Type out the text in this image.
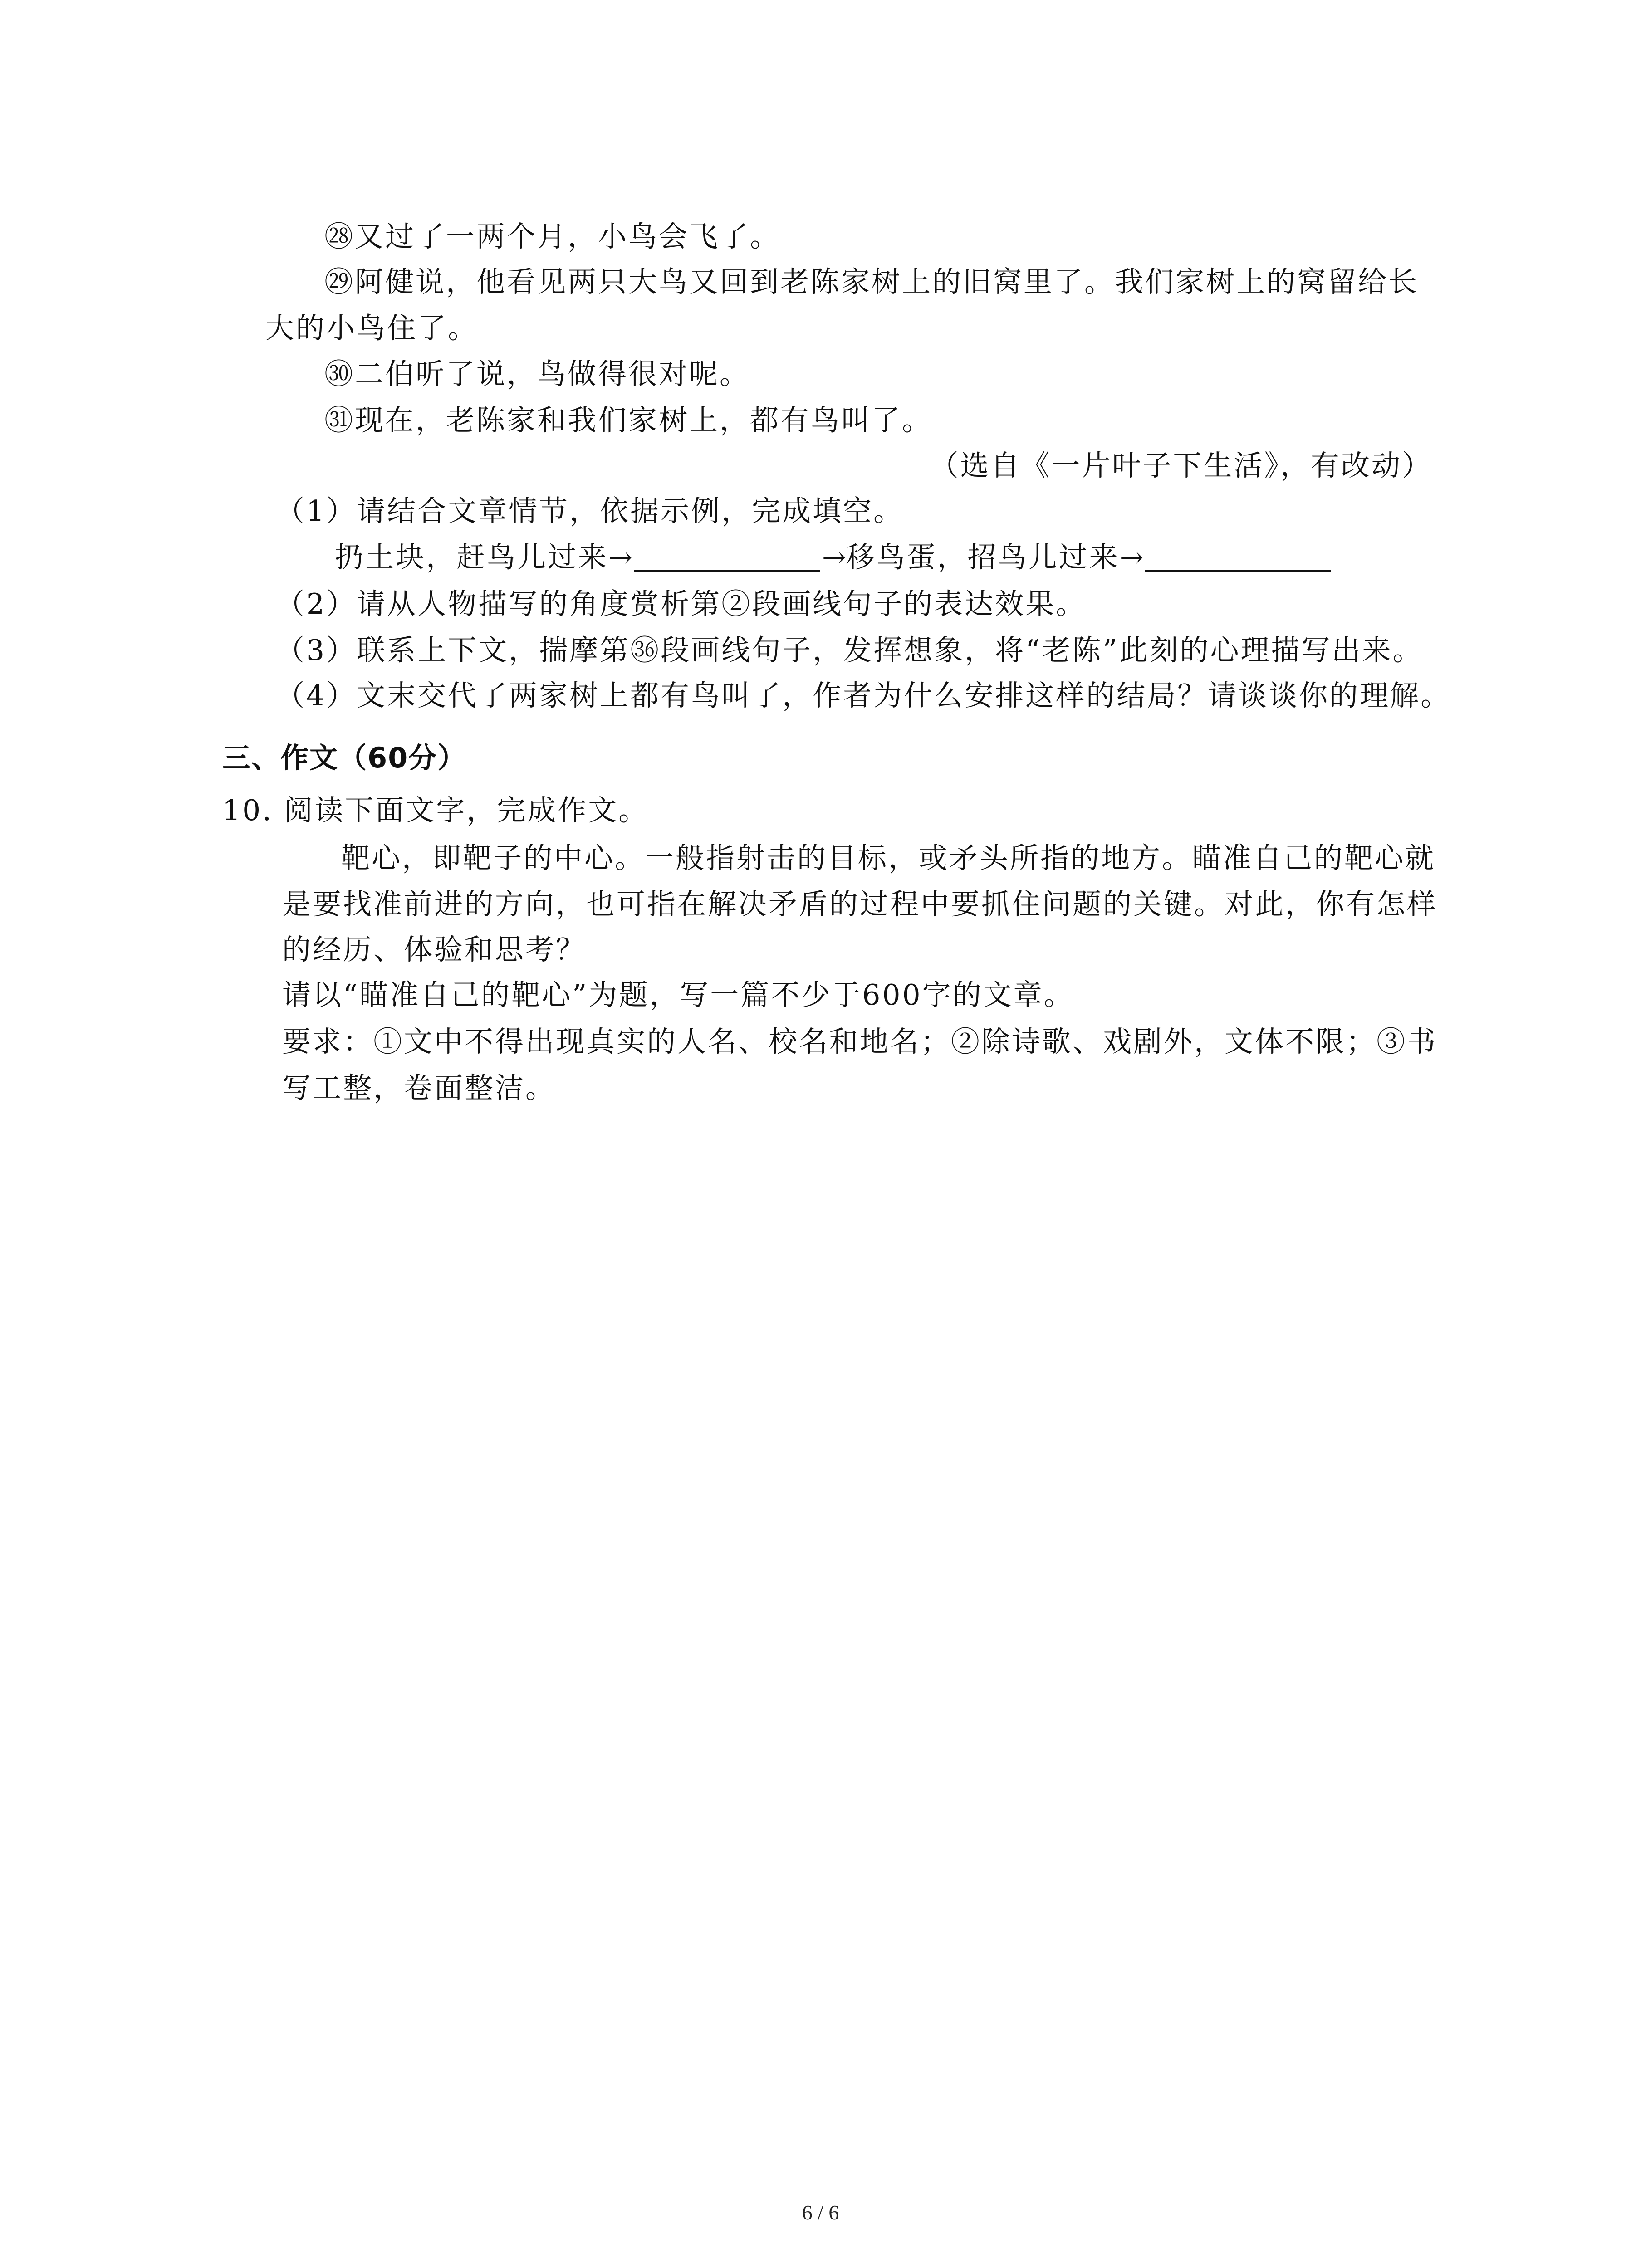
㉘又过了一两个月，小鸟会飞了。
㉙阿健说，他看见两只大鸟又回到老陈家树上的旧窝里了。我们家树上的窝留给长
大的小鸟住了。
㉚二伯听了说，鸟做得很对呢。
㉛现在，老陈家和我们家树上，都有鸟叫了。
（选自《一片叶子下生活》，有改动）
（1）请结合文章情节，依据示例，完成填空。
扔土块，赶鸟儿过来→	→移鸟蛋，招鸟儿过来→
（2）请从人物描写的角度赏析第②段画线句子的表达效果。
（3）联系上下文，揣摩第㊱段画线句子，发挥想象，将“老陈”此刻的心理描写出来。
（4）文末交代了两家树上都有鸟叫了，作者为什么安排这样的结局？请谈谈你的理解。
三、作文（60分）
10. 阅读下面文字，完成作文。
靶心，即靶子的中心。一般指射击的目标，或矛头所指的地方。瞄准自己的靶心就
是要找准前进的方向，也可指在解决矛盾的过程中要抓住问题的关键。对此，你有怎样
的经历、体验和思考？
请以“瞄准自己的靶心”为题，写一篇不少于600字的文章。
要求：①文中不得出现真实的人名、校名和地名；②除诗歌、戏剧外，文体不限；③书
写工整，卷面整洁。
6 / 6
